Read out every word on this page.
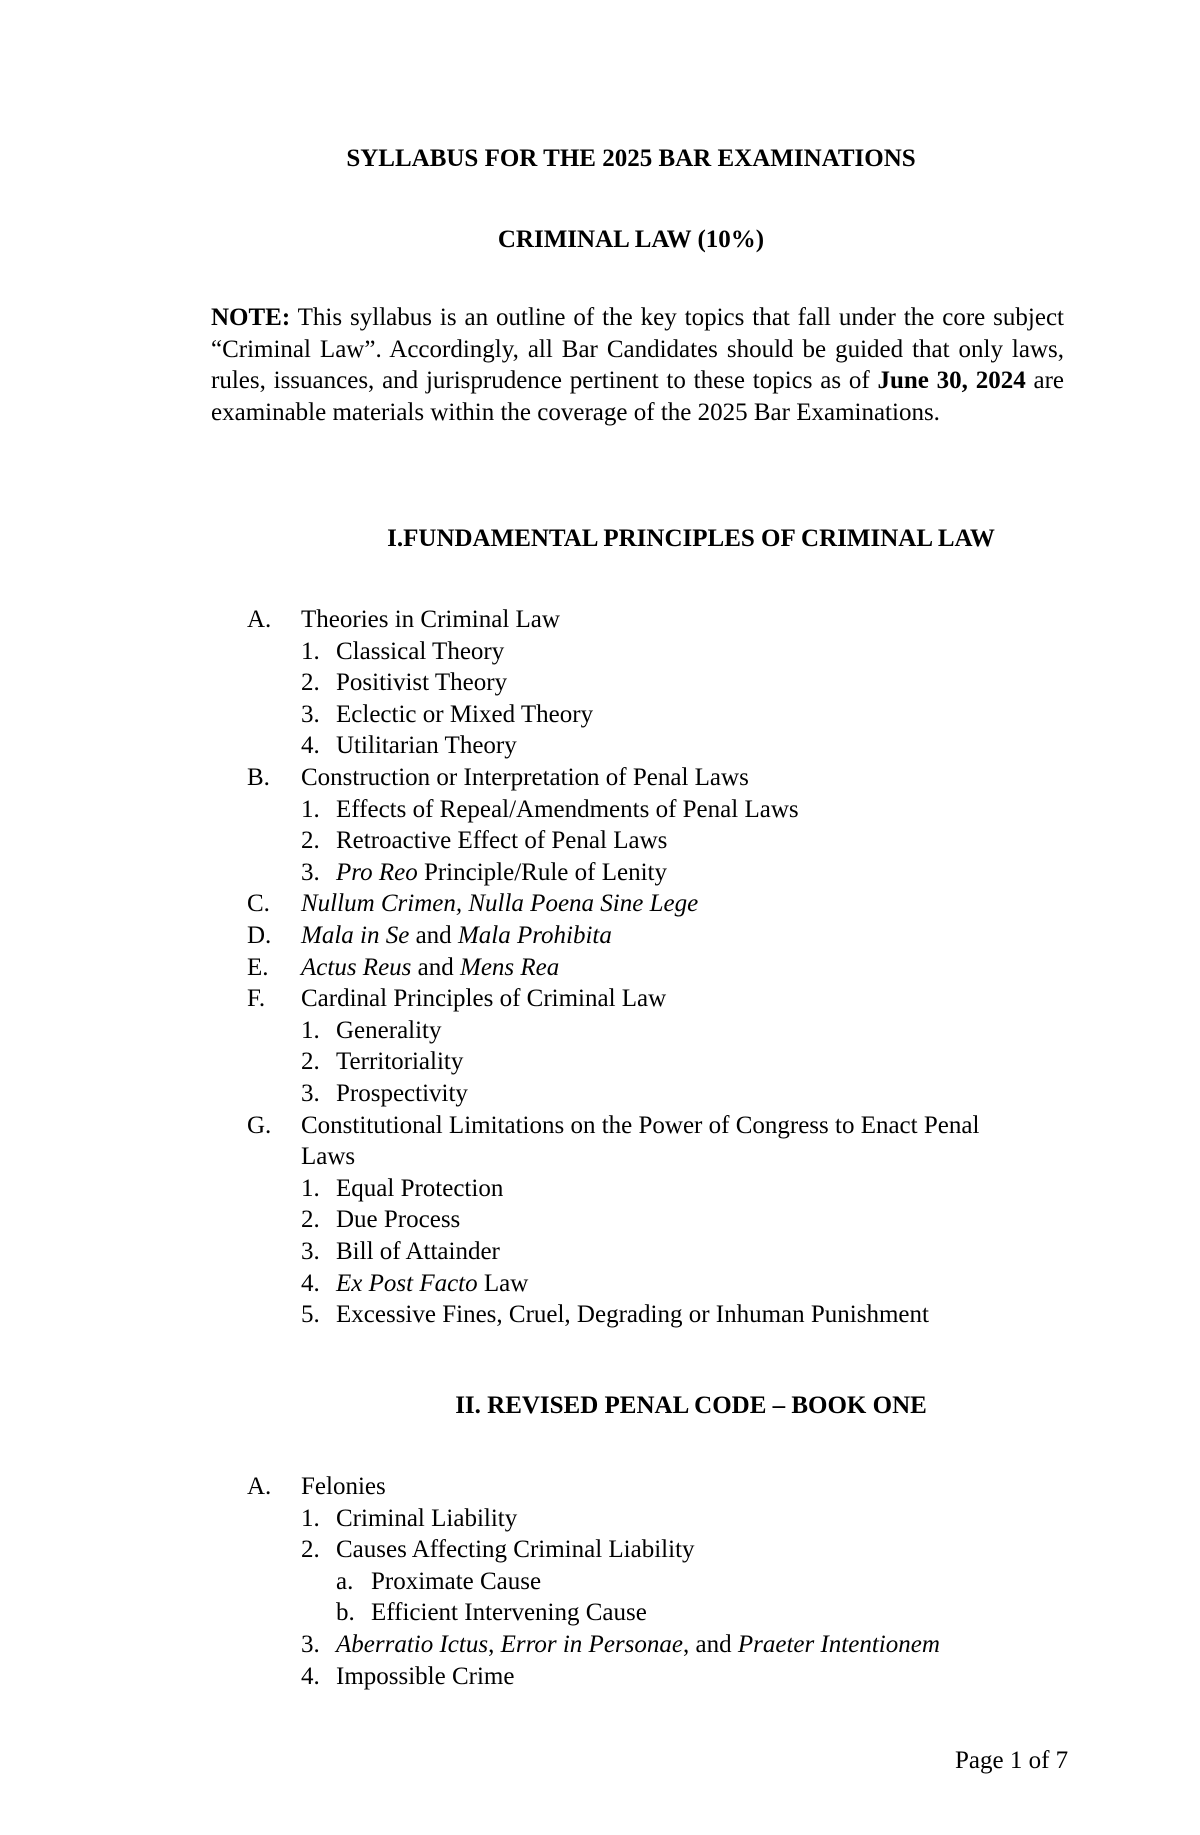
SYLLABUS FOR THE 2025 BAR EXAMINATIONS
CRIMINAL LAW (10%)
NOTE: This syllabus is an outline of the key topics that fall under the core subject “Criminal Law”. Accordingly, all Bar Candidates should be guided that only laws, rules, issuances, and jurisprudence pertinent to these topics as of June 30, 2024 are examinable materials within the coverage of the 2025 Bar Examinations.
I.FUNDAMENTAL PRINCIPLES OF CRIMINAL LAW
A. Theories in Criminal Law
1. Classical Theory
2. Positivist Theory
3. Eclectic or Mixed Theory
4. Utilitarian Theory
B. Construction or Interpretation of Penal Laws
1. Effects of Repeal/Amendments of Penal Laws
2. Retroactive Effect of Penal Laws
3. Pro Reo Principle/Rule of Lenity
C. Nullum Crimen, Nulla Poena Sine Lege
D. Mala in Se and Mala Prohibita
E. Actus Reus and Mens Rea
F. Cardinal Principles of Criminal Law
1. Generality
2. Territoriality
3. Prospectivity
G. Constitutional Limitations on the Power of Congress to Enact Penal
Laws
1. Equal Protection
2. Due Process
3. Bill of Attainder
4. Ex Post Facto Law
5. Excessive Fines, Cruel, Degrading or Inhuman Punishment
II. REVISED PENAL CODE – BOOK ONE
A. Felonies
1. Criminal Liability
2. Causes Affecting Criminal Liability
a. Proximate Cause
b. Efficient Intervening Cause
3. Aberratio Ictus, Error in Personae, and Praeter Intentionem
4. Impossible Crime
Page 1 of 7
